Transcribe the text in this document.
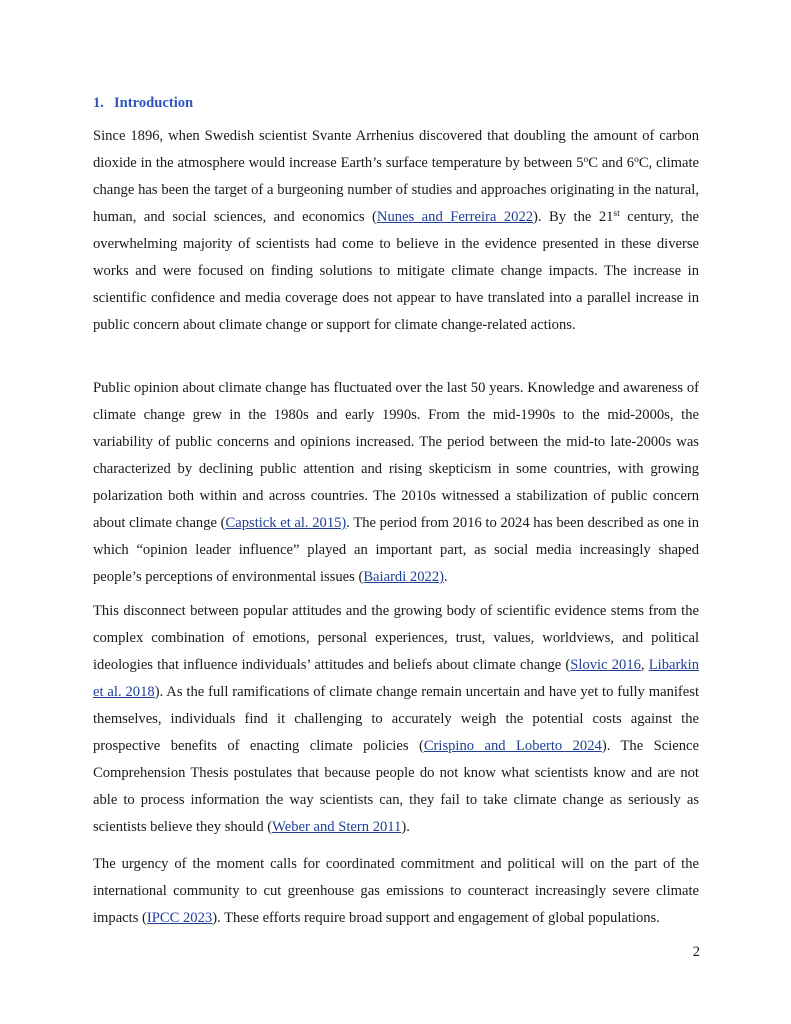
1. Introduction

Since 1896, when Swedish scientist Svante Arrhenius discovered that doubling the amount of carbon dioxide in the atmosphere would increase Earth’s surface temperature by between 5$^o$C and 6$^o$C, climate change has been the target of a burgeoning number of studies and approaches originating in the natural, human, and social sciences, and economics (Nunes and Ferreira 2022). By the 21st century, the overwhelming majority of scientists had come to believe in the evidence presented in these diverse works and were focused on finding solutions to mitigate climate change impacts. The increase in scientific confidence and media coverage does not appear to have translated into a parallel increase in public concern about climate change or support for climate change-related actions.

Public opinion about climate change has fluctuated over the last 50 years. Knowledge and awareness of climate change grew in the 1980s and early 1990s. From the mid-1990s to the mid-2000s, the variability of public concerns and opinions increased. The period between the mid-to late-2000s was characterized by declining public attention and rising skepticism in some countries, with growing polarization both within and across countries. The 2010s witnessed a stabilization of public concern about climate change (Capstick et al. 2015). The period from 2016 to 2024 has been described as one in which “opinion leader influence” played an important part, as social media increasingly shaped people’s perceptions of environmental issues (Baiardi 2022).

This disconnect between popular attitudes and the growing body of scientific evidence stems from the complex combination of emotions, personal experiences, trust, values, worldviews, and political ideologies that influence individuals’ attitudes and beliefs about climate change (Slovic 2016, Libarkin et al. 2018). As the full ramifications of climate change remain uncertain and have yet to fully manifest themselves, individuals find it challenging to accurately weigh the potential costs against the prospective benefits of enacting climate policies (Crispino and Loberto 2024). The Science Comprehension Thesis postulates that because people do not know what scientists know and are not able to process information the way scientists can, they fail to take climate change as seriously as scientists believe they should (Weber and Stern 2011).

The urgency of the moment calls for coordinated commitment and political will on the part of the international community to cut greenhouse gas emissions to counteract increasingly severe climate impacts (IPCC 2023). These efforts require broad support and engagement of global populations.

2
